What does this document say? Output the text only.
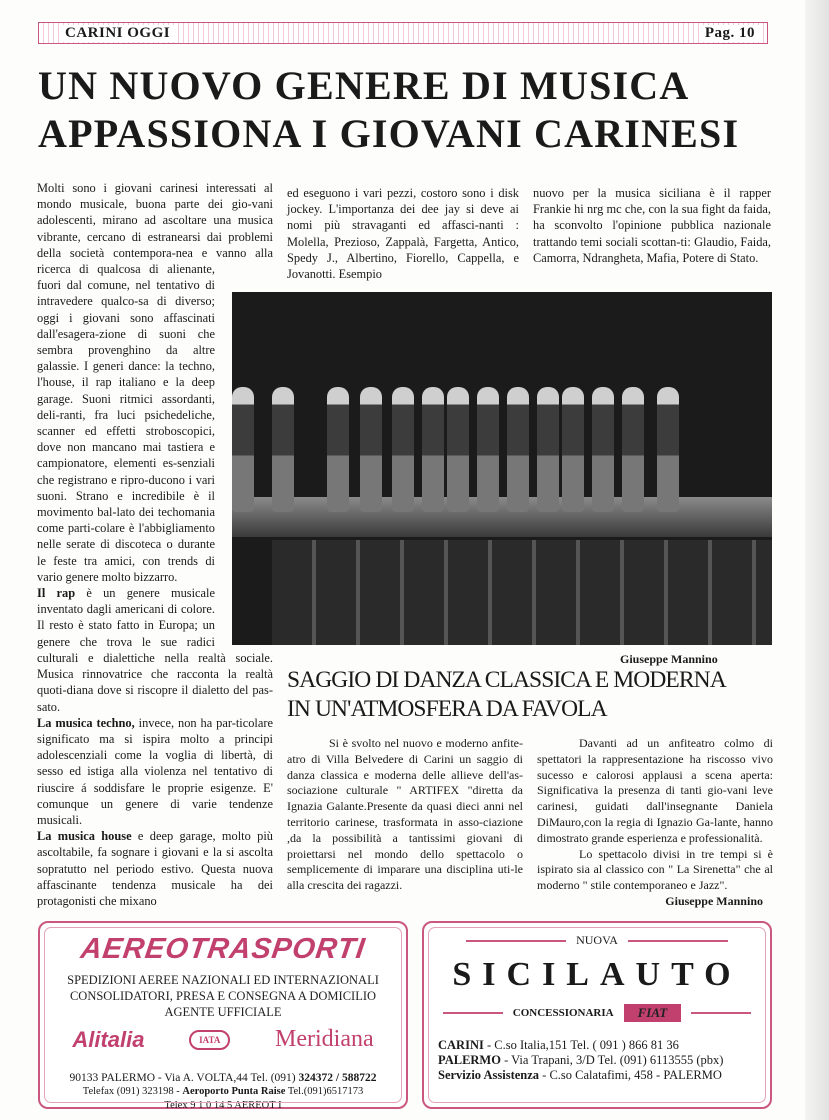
CARINI OGGI	Pag. 10
UN NUOVO GENERE DI MUSICA
APPASSIONA I GIOVANI CARINESI

Molti sono i giovani carinesi interessati al mondo musicale, buona parte dei gio-vani adolescenti, mirano ad ascoltare una musica vibrante, cercano di estranearsi dai problemi della società contempora-nea e vanno alla ricerca di qualcosa di alienante, fuori dal comune, nel tentativo di intravedere qualco-sa di diverso; oggi i giovani sono affascinati dall'esagera-zione di suoni che sembra provenghino da altre galassie. I generi dance: la techno, l'house, il rap italiano e la deep garage. Suoni ritmici assordanti, deli-ranti, fra luci psichedeliche, scanner ed effetti stroboscopici, dove non mancano mai tastiera e campionatore, elementi es-senziali che registrano e ripro-ducono i vari suoni. Strano e incredibile è il movimento bal-lato dei techomania come parti-colare è l'abbigliamento nelle serate di discoteca o durante le feste tra amici, con trends di vario genere molto bizzarro.

Il rap è un genere musicale inventato dagli americani di colore. Il resto è stato fatto in Europa; un genere che trova le sue radici culturali e dialettiche nella realtà sociale. Musica rinnovatrice che racconta la realtà quoti-diana dove si riscopre il dialetto del pas-sato.

La musica techno, invece, non ha par-ticolare significato ma si ispira molto a principi adolescenziali come la voglia di libertà, di sesso ed istiga alla violenza nel tentativo di riuscire á soddisfare le proprie esigenze. E' comunque un genere di varie tendenze musicali.

La musica house e deep garage, molto più ascoltabile, fa sognare i giovani e la si ascolta sopratutto nel periodo estivo. Questa nuova affascinante tendenza musicale ha dei protagonisti che mixano

ed eseguono i vari pezzi, costoro sono i disk jockey. L'importanza dei dee jay si deve ai nomi più stravaganti ed affasci-nanti : Molella, Prezioso, Zappalà, Fargetta, Antico, Spedy J., Albertino, Fiorello, Cappella, e Jovanotti. Esempio
nuovo per la musica siciliana è il rapper Frankie hi nrg mc che, con la sua fight da faida, ha sconvolto l'opinione pubblica nazionale trattando temi sociali scottan-ti: Glaudio, Faida, Camorra, Ndrangheta, Mafia, Potere di Stato.
Giuseppe Mannino
SAGGIO DI DANZA CLASSICA E MODERNA
IN UN'ATMOSFERA DA FAVOLA

Si è svolto nel nuovo e moderno anfite-atro di Villa Belvedere di Carini un saggio di danza classica e moderna delle allieve dell'as-sociazione culturale " ARTIFEX "diretta da Ignazia Galante.Presente da quasi dieci anni nel territorio carinese, trasformata in asso-ciazione ,da la possibilità a tantissimi giovani di proiettarsi nel mondo dello spettacolo o semplicemente di imparare una disciplina uti-le alla crescita dei ragazzi.

Davanti ad un anfiteatro colmo di spettatori la rappresentazione ha riscosso vivo sucesso e calorosi applausi a scena aperta: Significativa la presenza di tanti gio-vani leve carinesi, guidati dall'insegnante Daniela DiMauro,con la regia di Ignazio Ga-lante, hanno dimostrato grande esperienza e professionalità.

Lo spettacolo divisi in tre tempi si è ispirato sia al classico con " La Sirenetta" che al moderno " stile contemporaneo e Jazz".

Giuseppe Mannino

AEREOTRASPORTI
SPEDIZIONI AEREE NAZIONALI ED INTERNAZIONALI
CONSOLIDATORI, PRESA E CONSEGNA A DOMICILIO
AGENTE UFFICIALE
Alitalia	IATA	Meridiana
90133 PALERMO - Via A. VOLTA,44 Tel. (091) 324372 / 588722
Telefax (091) 323198 - Aeroporto Punta Raise Tel.(091)6517173
Telex 9 1 0 14 5 AEREOT I
NUOVA
SICILAUTO
CONCESSIONARIA	FIAT
CARINI - C.so Italia,151 Tel. ( 091 ) 866 81 36
PALERMO - Via Trapani, 3/D Tel. (091) 6113555 (pbx)
Servizio Assistenza - C.so Calatafimi, 458 - PALERMO
